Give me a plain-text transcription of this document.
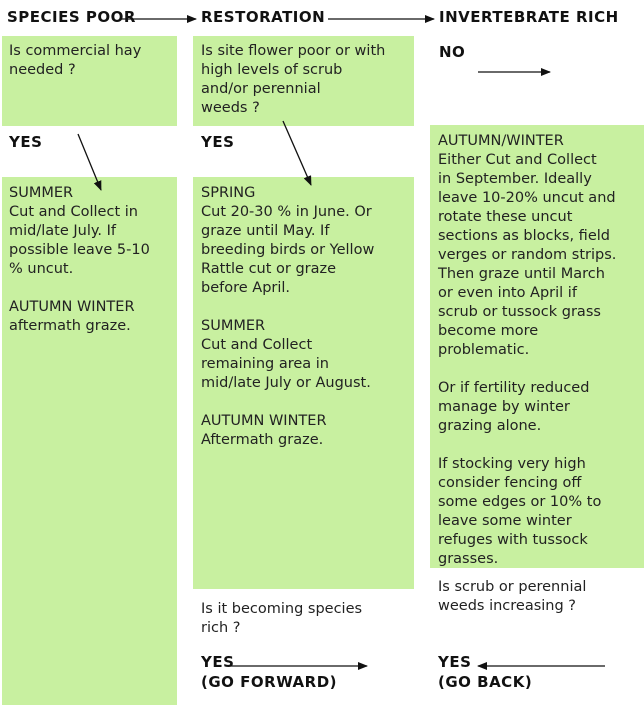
SPECIES POOR	RESTORATION	INVERTEBRATE RICH
Is commercial hay
needed ?
YES
SUMMER
Cut and Collect in
mid/late July. If
possible leave 5-10
% uncut.

AUTUMN WINTER
aftermath graze.
Is site flower poor or with
high levels of scrub
and/or perennial
weeds ?
YES
SPRING
Cut 20-30 % in June. Or
graze until May. If
breeding birds or Yellow
Rattle cut or graze
before April.

SUMMER
Cut and Collect
remaining area in
mid/late July or August.

AUTUMN WINTER
Aftermath graze.
Is it becoming species
rich ?
YES
(GO FORWARD)
NO
AUTUMN/WINTER
Either Cut and Collect
in September. Ideally
leave 10-20% uncut and
rotate these uncut
sections as blocks, field
verges or random strips.
Then graze until March
or even into April if
scrub or tussock grass
become more
problematic.

Or if fertility reduced
manage by winter
grazing alone.

If stocking very high
consider fencing off
some edges or 10% to
leave some winter
refuges with tussock
grasses.
Is scrub or perennial
weeds increasing ?
YES
(GO BACK)
